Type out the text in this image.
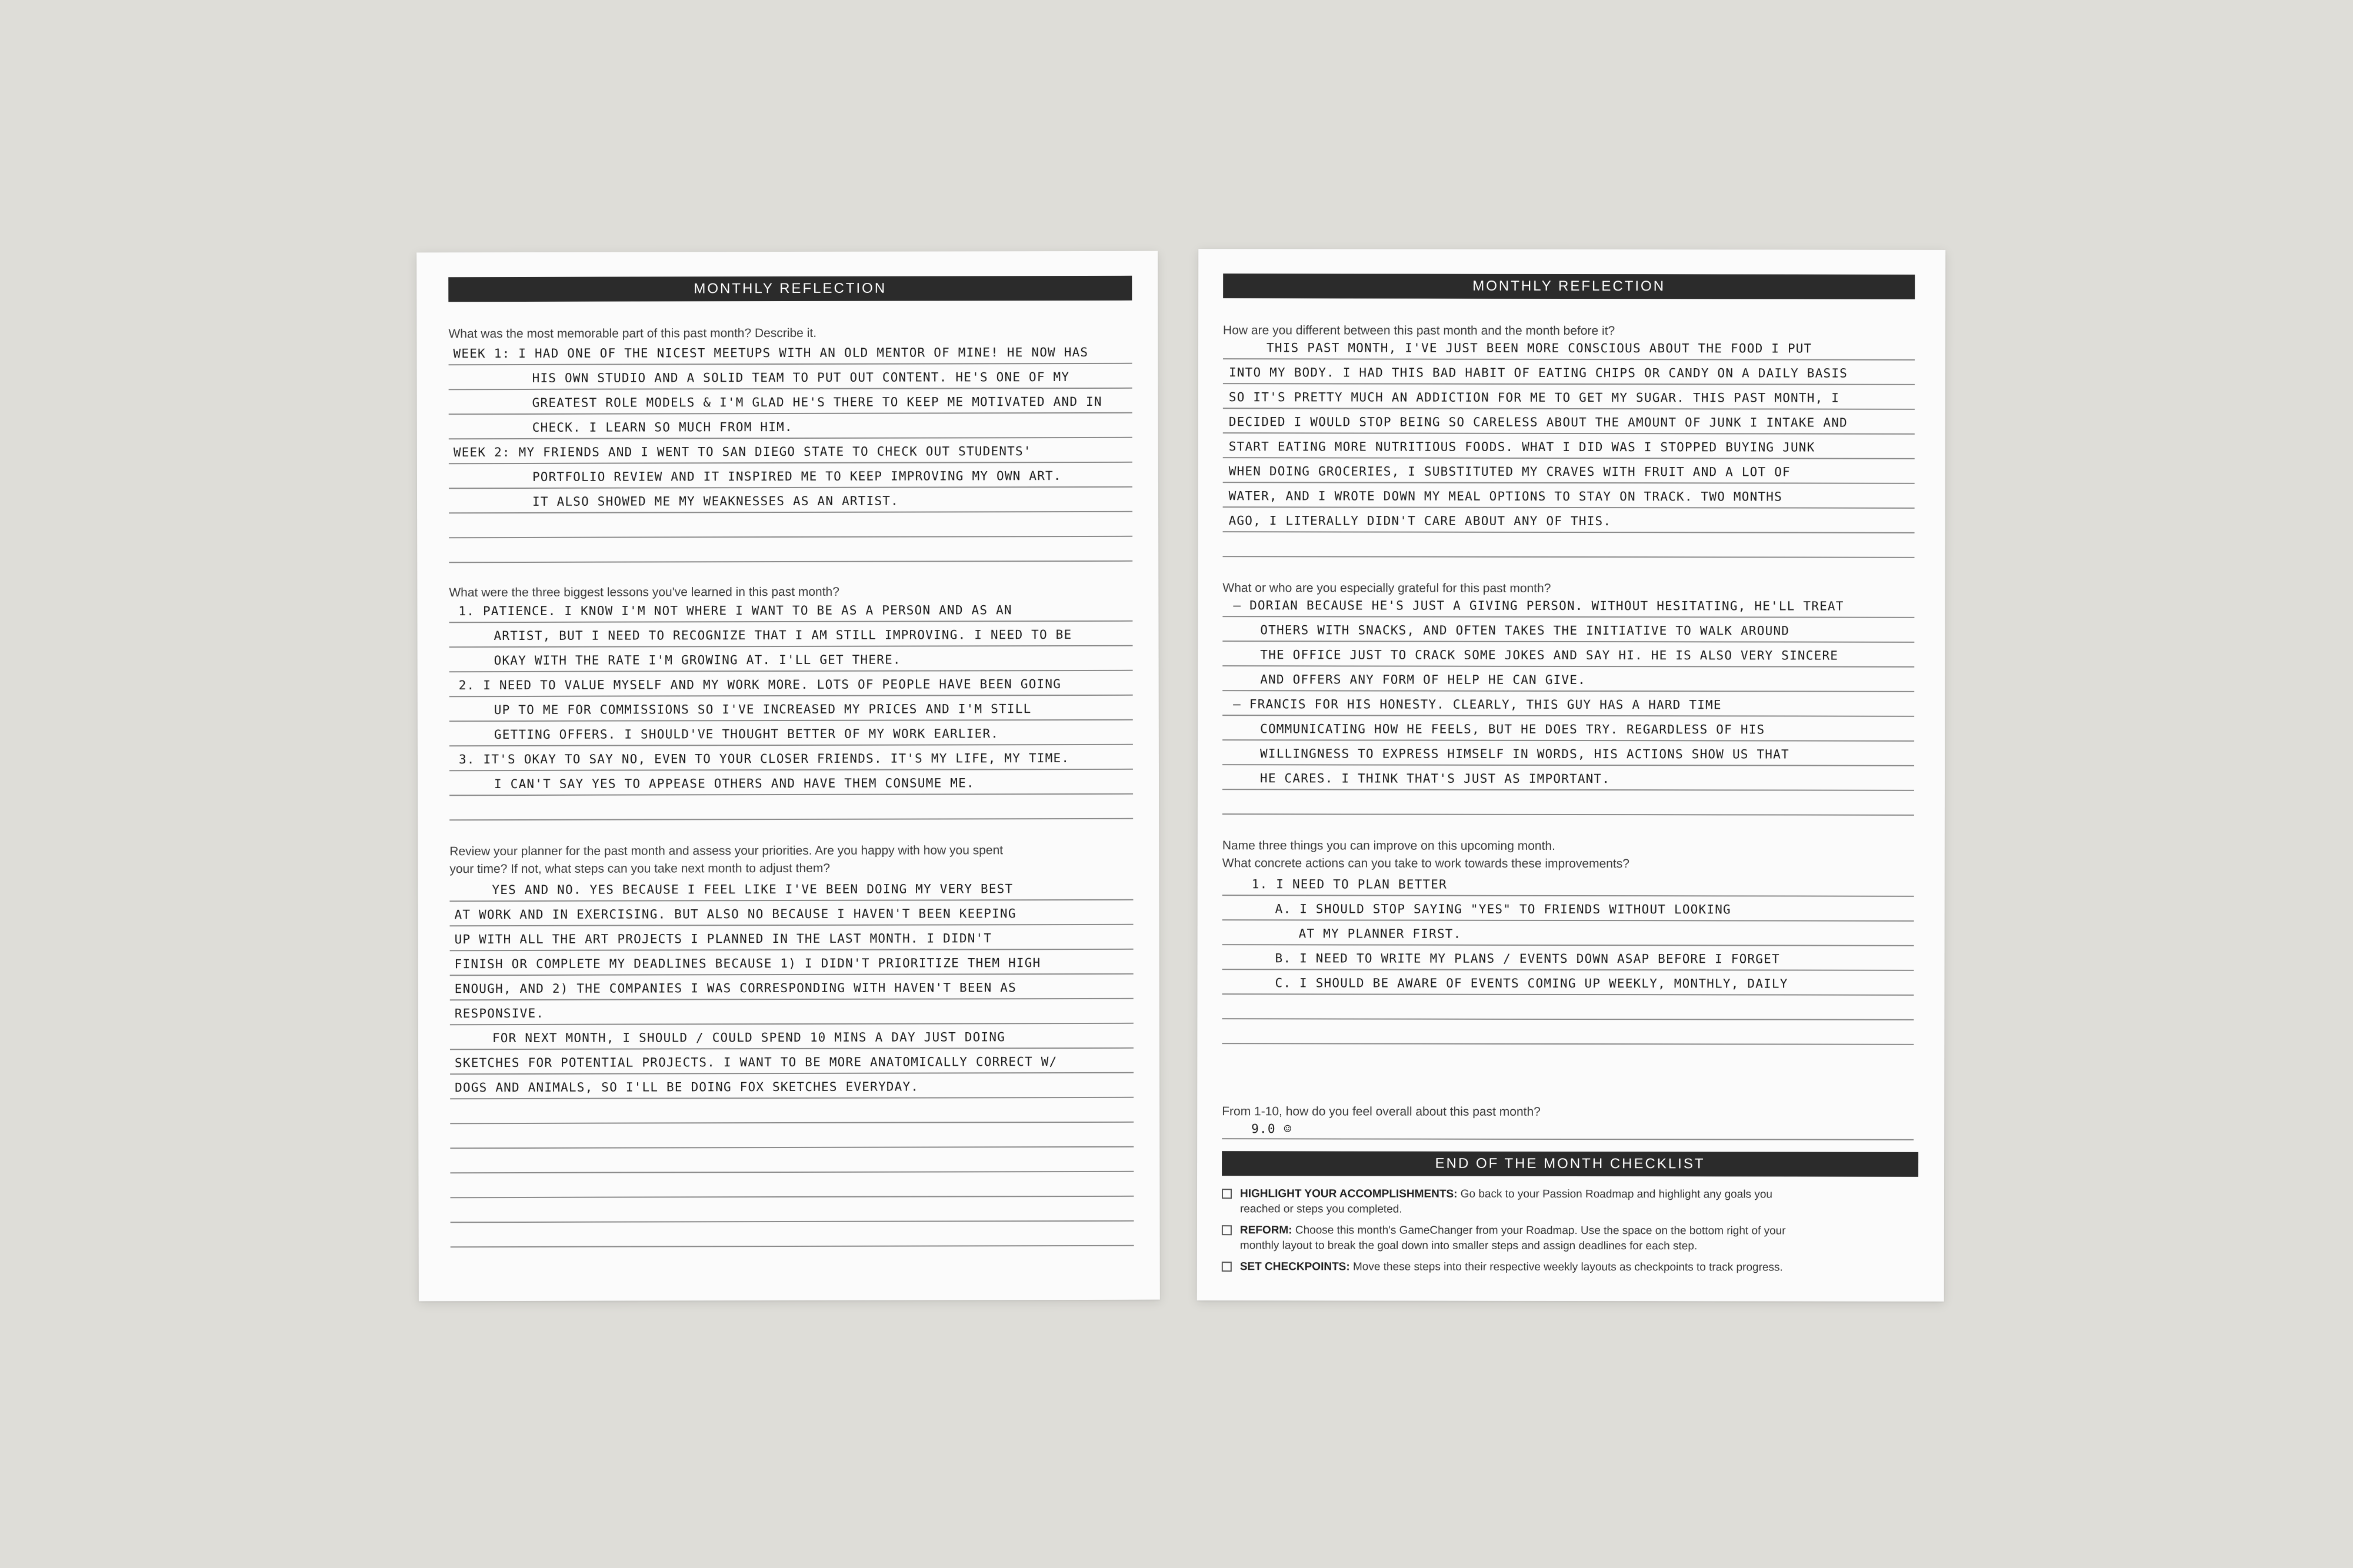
MONTHLY REFLECTION
What was the most memorable part of this past month? Describe it.
WEEK 1: I HAD ONE OF THE NICEST MEETUPS WITH AN OLD MENTOR OF MINE! HE NOW HAS
HIS OWN STUDIO AND A SOLID TEAM TO PUT OUT CONTENT. HE'S ONE OF MY
GREATEST ROLE MODELS & I'M GLAD HE'S THERE TO KEEP ME MOTIVATED AND IN
CHECK. I LEARN SO MUCH FROM HIM.
WEEK 2: MY FRIENDS AND I WENT TO SAN DIEGO STATE TO CHECK OUT STUDENTS'
PORTFOLIO REVIEW AND IT INSPIRED ME TO KEEP IMPROVING MY OWN ART.
IT ALSO SHOWED ME MY WEAKNESSES AS AN ARTIST.
What were the three biggest lessons you've learned in this past month?
1. PATIENCE. I KNOW I'M NOT WHERE I WANT TO BE AS A PERSON AND AS AN
ARTIST, BUT I NEED TO RECOGNIZE THAT I AM STILL IMPROVING. I NEED TO BE
OKAY WITH THE RATE I'M GROWING AT. I'LL GET THERE.
2. I NEED TO VALUE MYSELF AND MY WORK MORE. LOTS OF PEOPLE HAVE BEEN GOING
UP TO ME FOR COMMISSIONS SO I'VE INCREASED MY PRICES AND I'M STILL
GETTING OFFERS. I SHOULD'VE THOUGHT BETTER OF MY WORK EARLIER.
3. IT'S OKAY TO SAY NO, EVEN TO YOUR CLOSER FRIENDS. IT'S MY LIFE, MY TIME.
I CAN'T SAY YES TO APPEASE OTHERS AND HAVE THEM CONSUME ME.
Review your planner for the past month and assess your priorities. Are you happy with how you spent
your time? If not, what steps can you take next month to adjust them?
YES AND NO. YES BECAUSE I FEEL LIKE I'VE BEEN DOING MY VERY BEST
AT WORK AND IN EXERCISING. BUT ALSO NO BECAUSE I HAVEN'T BEEN KEEPING
UP WITH ALL THE ART PROJECTS I PLANNED IN THE LAST MONTH. I DIDN'T
FINISH OR COMPLETE MY DEADLINES BECAUSE 1) I DIDN'T PRIORITIZE THEM HIGH
ENOUGH, AND 2) THE COMPANIES I WAS CORRESPONDING WITH HAVEN'T BEEN AS
RESPONSIVE.
FOR NEXT MONTH, I SHOULD / COULD SPEND 10 MINS A DAY JUST DOING
SKETCHES FOR POTENTIAL PROJECTS. I WANT TO BE MORE ANATOMICALLY CORRECT W/
DOGS AND ANIMALS, SO I'LL BE DOING FOX SKETCHES EVERYDAY.
MONTHLY REFLECTION
How are you different between this past month and the month before it?
THIS PAST MONTH, I'VE JUST BEEN MORE CONSCIOUS ABOUT THE FOOD I PUT
INTO MY BODY. I HAD THIS BAD HABIT OF EATING CHIPS OR CANDY ON A DAILY BASIS
SO IT'S PRETTY MUCH AN ADDICTION FOR ME TO GET MY SUGAR. THIS PAST MONTH, I
DECIDED I WOULD STOP BEING SO CARELESS ABOUT THE AMOUNT OF JUNK I INTAKE AND
START EATING MORE NUTRITIOUS FOODS. WHAT I DID WAS I STOPPED BUYING JUNK
WHEN DOING GROCERIES, I SUBSTITUTED MY CRAVES WITH FRUIT AND A LOT OF
WATER, AND I WROTE DOWN MY MEAL OPTIONS TO STAY ON TRACK. TWO MONTHS
AGO, I LITERALLY DIDN'T CARE ABOUT ANY OF THIS.
What or who are you especially grateful for this past month?
– DORIAN BECAUSE HE'S JUST A GIVING PERSON. WITHOUT HESITATING, HE'LL TREAT
OTHERS WITH SNACKS, AND OFTEN TAKES THE INITIATIVE TO WALK AROUND
THE OFFICE JUST TO CRACK SOME JOKES AND SAY HI. HE IS ALSO VERY SINCERE
AND OFFERS ANY FORM OF HELP HE CAN GIVE.
– FRANCIS FOR HIS HONESTY. CLEARLY, THIS GUY HAS A HARD TIME
COMMUNICATING HOW HE FEELS, BUT HE DOES TRY. REGARDLESS OF HIS
WILLINGNESS TO EXPRESS HIMSELF IN WORDS, HIS ACTIONS SHOW US THAT
HE CARES. I THINK THAT'S JUST AS IMPORTANT.
Name three things you can improve on this upcoming month.
What concrete actions can you take to work towards these improvements?
1. I NEED TO PLAN BETTER
A. I SHOULD STOP SAYING "YES" TO FRIENDS WITHOUT LOOKING
AT MY PLANNER FIRST.
B. I NEED TO WRITE MY PLANS / EVENTS DOWN ASAP BEFORE I FORGET
C. I SHOULD BE AWARE OF EVENTS COMING UP WEEKLY, MONTHLY, DAILY
From 1-10, how do you feel overall about this past month?
9.0 ☺
END OF THE MONTH CHECKLIST
HIGHLIGHT YOUR ACCOMPLISHMENTS: Go back to your Passion Roadmap and highlight any goals you
reached or steps you completed.
REFORM: Choose this month's GameChanger from your Roadmap. Use the space on the bottom right of your
monthly layout to break the goal down into smaller steps and assign deadlines for each step.
SET CHECKPOINTS: Move these steps into their respective weekly layouts as checkpoints to track progress.
